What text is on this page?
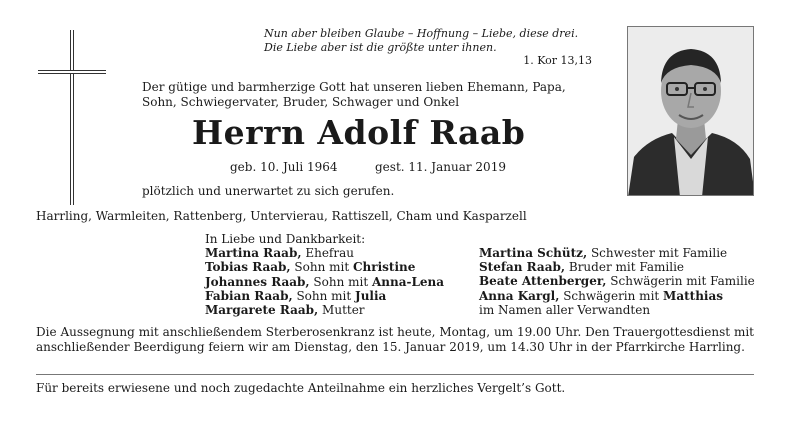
Nun aber bleiben Glaube – Hoffnung – Liebe, diese drei.
Die Liebe aber ist die größte unter ihnen.
1. Kor 13,13
Der gütige und barmherzige Gott hat unseren lieben Ehemann, Papa,
Sohn, Schwiegervater, Bruder, Schwager und Onkel
Herrn Adolf Raab
geb. 10. Juli 1964	gest. 11. Januar 2019
plötzlich und unerwartet zu sich gerufen.
Harrling, Warmleiten, Rattenberg, Untervierau, Rattiszell, Cham und Kasparzell
In Liebe und Dankbarkeit:
Martina Raab, Ehefrau
Tobias Raab, Sohn mit Christine
Johannes Raab, Sohn mit Anna-Lena
Fabian Raab, Sohn mit Julia
Margarete Raab, Mutter
Martina Schütz, Schwester mit Familie
Stefan Raab, Bruder mit Familie
Beate Attenberger, Schwägerin mit Familie
Anna Kargl, Schwägerin mit Matthias
im Namen aller Verwandten
Die Aussegnung mit anschließendem Sterberosenkranz ist heute, Montag, um 19.00 Uhr. Den Trauergottesdienst mit anschließender Beerdigung feiern wir am Dienstag, den 15. Januar 2019, um 14.30 Uhr in der Pfarrkirche Harrling.
Für bereits erwiesene und noch zugedachte Anteilnahme ein herzliches Vergelt’s Gott.
